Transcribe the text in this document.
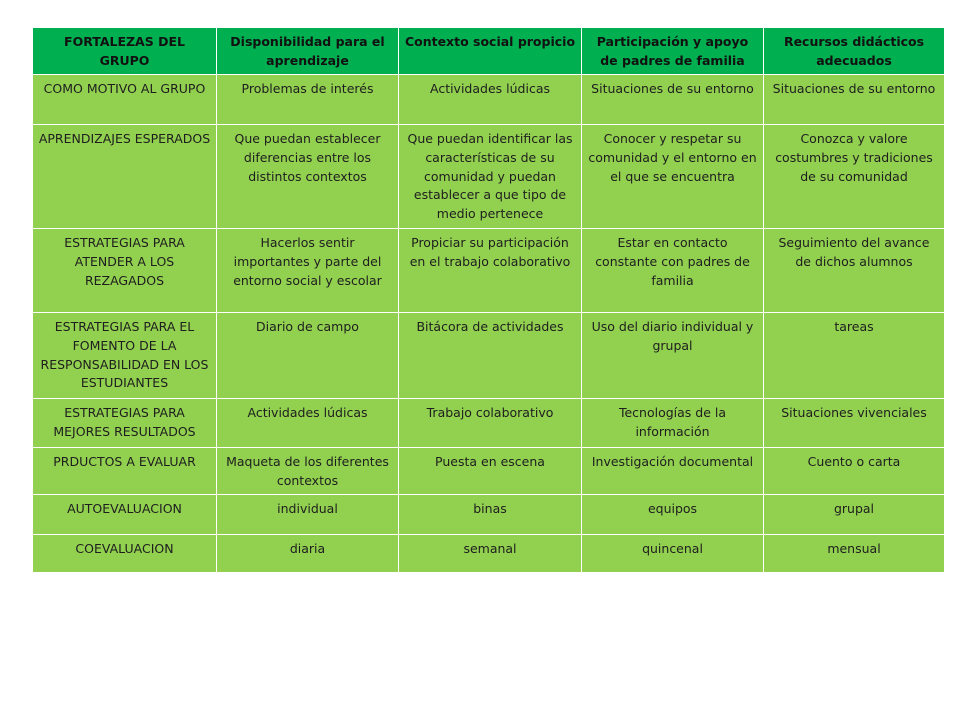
FORTALEZAS DEL GRUPO	Disponibilidad para el aprendizaje	Contexto social propicio	Participación y apoyo de padres de familia	Recursos didácticos adecuados
COMO MOTIVO AL GRUPO	Problemas de interés	Actividades lúdicas	Situaciones de su entorno	Situaciones de su entorno
APRENDIZAJES ESPERADOS	Que puedan establecer diferencias entre los distintos contextos	Que puedan identificar las características de su comunidad y puedan establecer a que tipo de medio pertenece	Conocer y respetar su comunidad y el entorno en el que se encuentra	Conozca y valore costumbres y tradiciones de su comunidad
ESTRATEGIAS PARA ATENDER A LOS REZAGADOS	Hacerlos sentir importantes y parte del entorno social y escolar	Propiciar su participación en el trabajo colaborativo	Estar en contacto constante con padres de familia	Seguimiento del avance de dichos alumnos
ESTRATEGIAS PARA EL FOMENTO DE LA RESPONSABILIDAD EN LOS ESTUDIANTES	Diario de campo	Bitácora de actividades	Uso del diario individual y grupal	tareas
ESTRATEGIAS PARA MEJORES RESULTADOS	Actividades lúdicas	Trabajo colaborativo	Tecnologías de la información	Situaciones vivenciales
PRDUCTOS A EVALUAR	Maqueta de los diferentes contextos	Puesta en escena	Investigación documental	Cuento o carta
AUTOEVALUACION	individual	binas	equipos	grupal
COEVALUACION	diaria	semanal	quincenal	mensual
